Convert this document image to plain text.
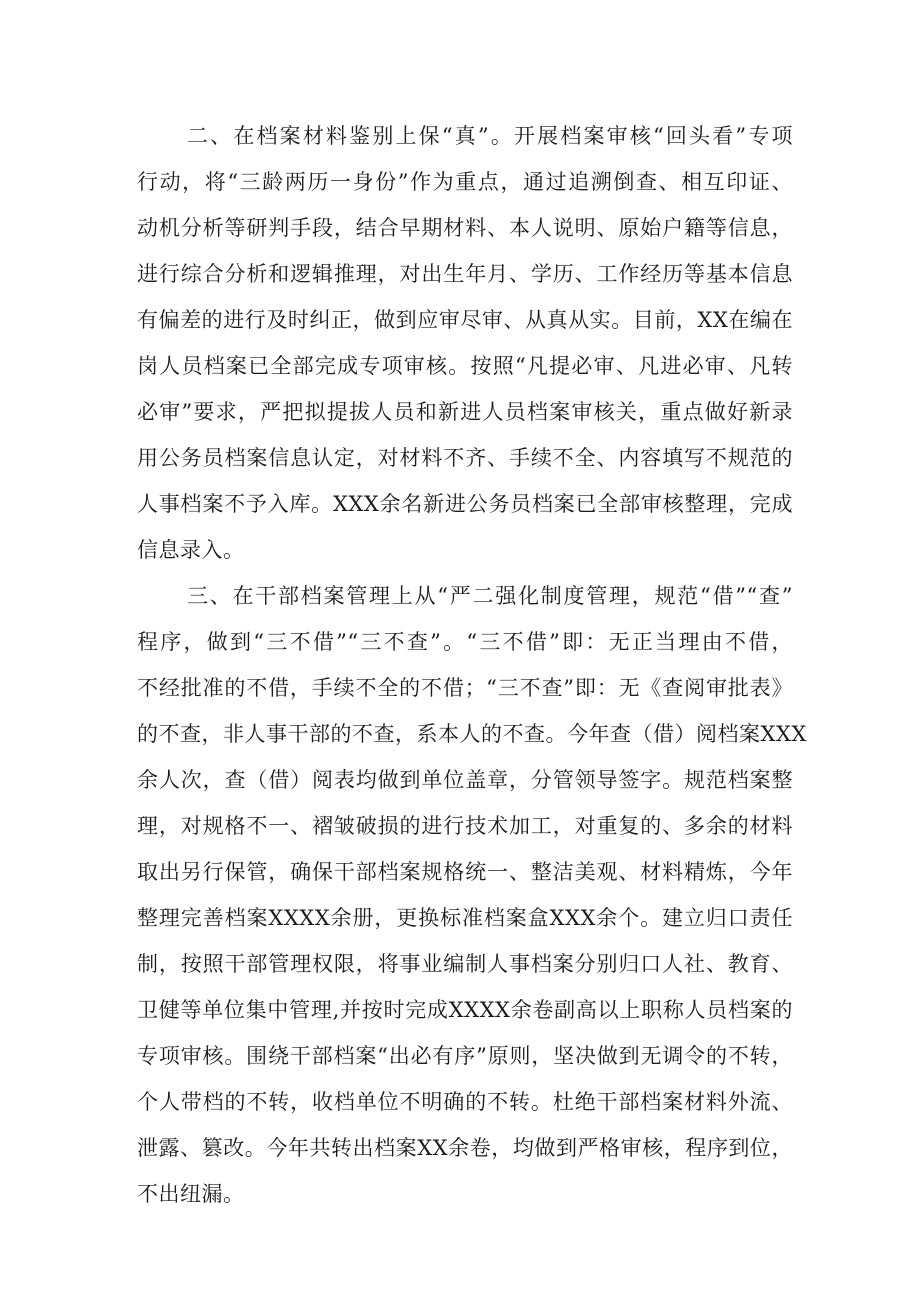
二、在档案材料鉴别上保“真”。开展档案审核“回头看”专项
行动，将“三龄两历一身份”作为重点，通过追溯倒查、相互印证、
动机分析等研判手段，结合早期材料、本人说明、原始户籍等信息，
进行综合分析和逻辑推理，对出生年月、学历、工作经历等基本信息
有偏差的进行及时纠正，做到应审尽审、从真从实。目前，XX在编在
岗人员档案已全部完成专项审核。按照“凡提必审、凡进必审、凡转
必审”要求，严把拟提拔人员和新进人员档案审核关，重点做好新录
用公务员档案信息认定，对材料不齐、手续不全、内容填写不规范的
人事档案不予入库。XXX余名新进公务员档案已全部审核整理，完成
信息录入。
三、在干部档案管理上从“严二强化制度管理，规范“借”“查”
程序，做到“三不借”“三不查”。“三不借”即：无正当理由不借，
不经批准的不借，手续不全的不借；“三不查”即：无《查阅审批表》
的不查，非人事干部的不查，系本人的不查。今年查（借）阅档案XXX
余人次，查（借）阅表均做到单位盖章，分管领导签字。规范档案整
理，对规格不一、褶皱破损的进行技术加工，对重复的、多余的材料
取出另行保管，确保干部档案规格统一、整洁美观、材料精炼，今年
整理完善档案XXXX余册，更换标准档案盒XXX余个。建立归口责任
制，按照干部管理权限，将事业编制人事档案分别归口人社、教育、
卫健等单位集中管理,并按时完成XXXX余卷副高以上职称人员档案的
专项审核。围绕干部档案“出必有序”原则，坚决做到无调令的不转，
个人带档的不转，收档单位不明确的不转。杜绝干部档案材料外流、
泄露、篡改。今年共转出档案XX余卷，均做到严格审核，程序到位，
不出纽漏。
